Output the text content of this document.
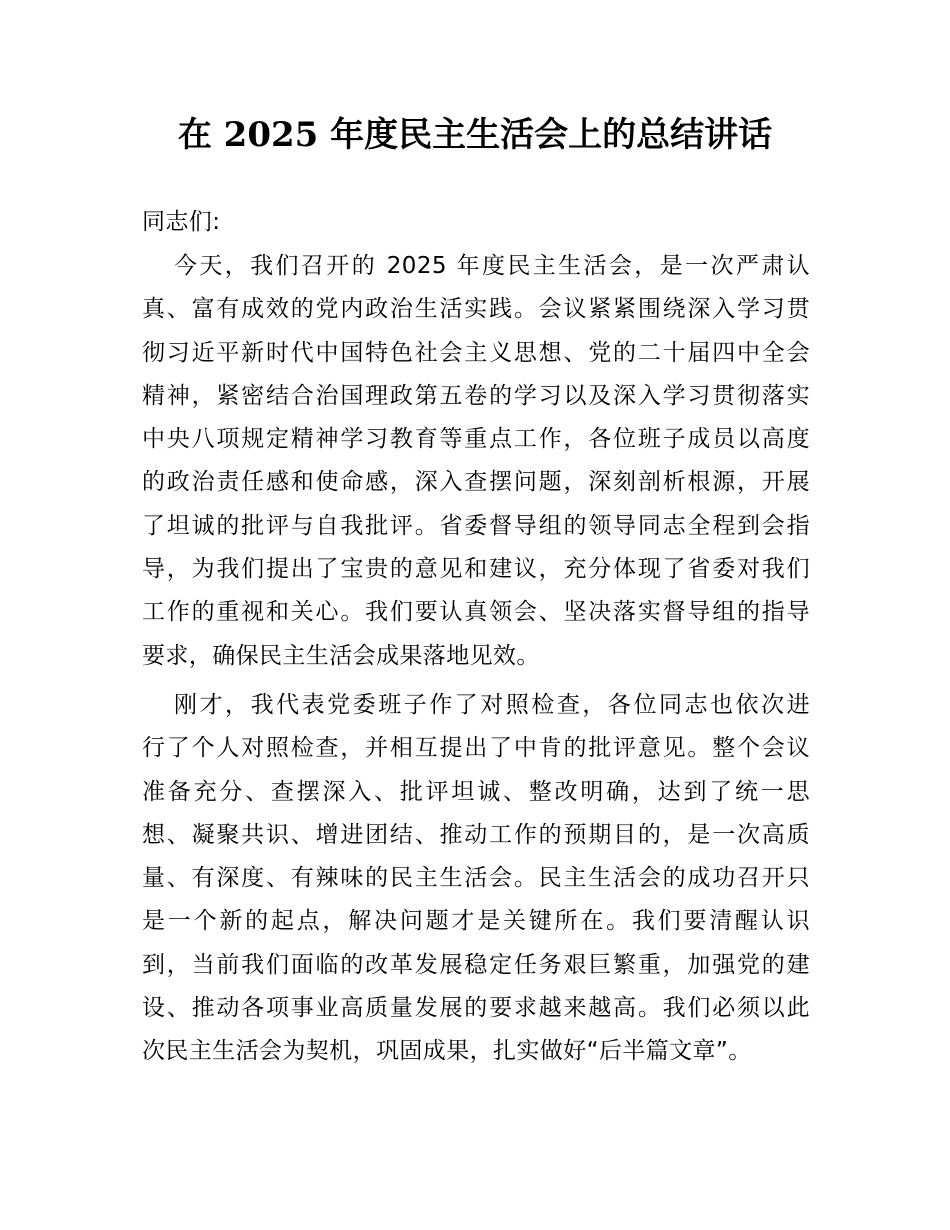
在 2025 年度民主生活会上的总结讲话
同志们:
今天，我们召开的 2025 年度民主生活会，是一次严肃认
真、富有成效的党内政治生活实践。会议紧紧围绕深入学习贯
彻习近平新时代中国特色社会主义思想、党的二十届四中全会
精神，紧密结合治国理政第五卷的学习以及深入学习贯彻落实
中央八项规定精神学习教育等重点工作，各位班子成员以高度
的政治责任感和使命感，深入查摆问题，深刻剖析根源，开展
了坦诚的批评与自我批评。省委督导组的领导同志全程到会指
导，为我们提出了宝贵的意见和建议，充分体现了省委对我们
工作的重视和关心。我们要认真领会、坚决落实督导组的指导
要求，确保民主生活会成果落地见效。
刚才，我代表党委班子作了对照检查，各位同志也依次进
行了个人对照检查，并相互提出了中肯的批评意见。整个会议
准备充分、查摆深入、批评坦诚、整改明确，达到了统一思
想、凝聚共识、增进团结、推动工作的预期目的，是一次高质
量、有深度、有辣味的民主生活会。民主生活会的成功召开只
是一个新的起点，解决问题才是关键所在。我们要清醒认识
到，当前我们面临的改革发展稳定任务艰巨繁重，加强党的建
设、推动各项事业高质量发展的要求越来越高。我们必须以此
次民主生活会为契机，巩固成果，扎实做好“后半篇文章”。
